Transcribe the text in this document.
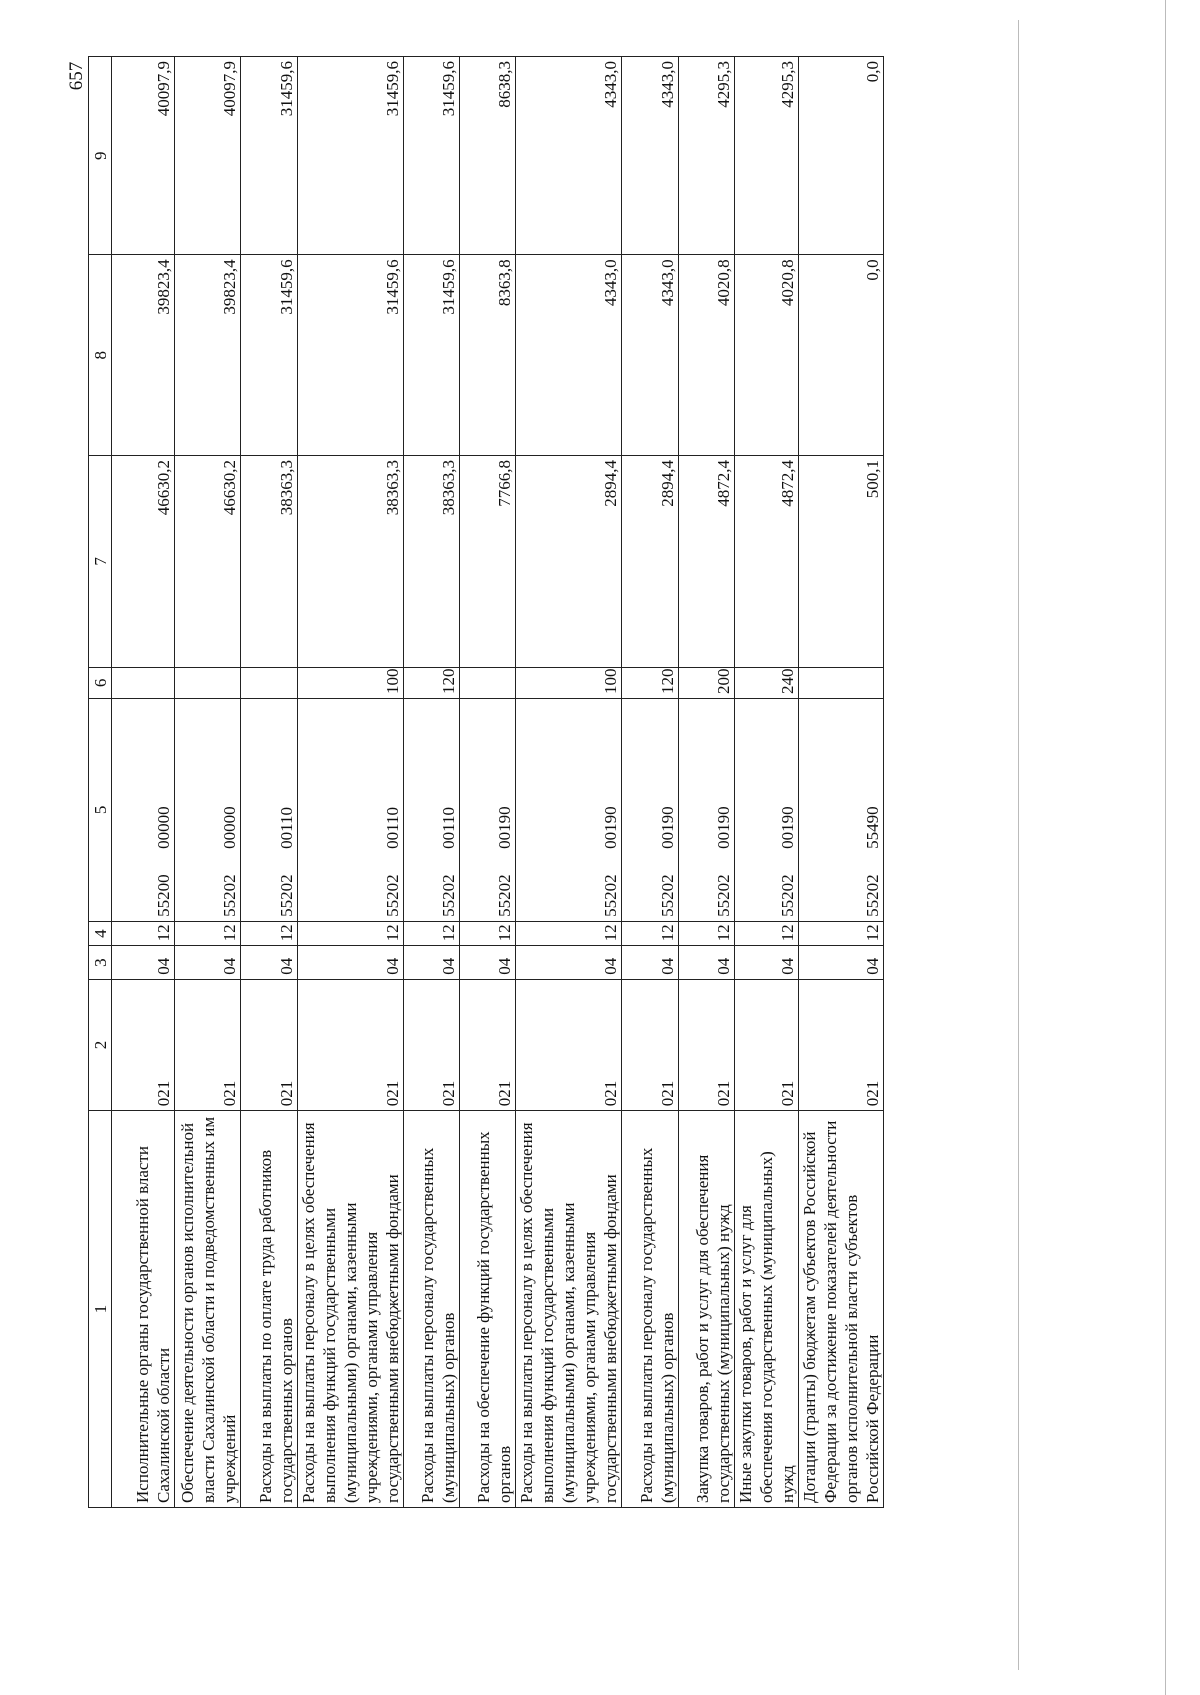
657
1	2	3	4	5	6	7	8	9
Исполнительные органы государственной власти Сахалинской области	021	04	12	55200      00000		46630,2	39823,4	40097,9
Обеспечение деятельности органов исполнительной власти Сахалинской области и подведомственных им учреждений	021	04	12	55202      00000		46630,2	39823,4	40097,9
Расходы на выплаты по оплате труда работников государственных органов	021	04	12	55202      00110		38363,3	31459,6	31459,6
Расходы на выплаты персоналу в целях обеспечения выполнения функций государственными (муниципальными) органами, казенными учреждениями, органами управления государственными внебюджетными фондами	021	04	12	55202      00110	100	38363,3	31459,6	31459,6
Расходы на выплаты персоналу государственных (муниципальных) органов	021	04	12	55202      00110	120	38363,3	31459,6	31459,6
Расходы на обеспечение функций государственных органов	021	04	12	55202      00190		7766,8	8363,8	8638,3
Расходы на выплаты персоналу в целях обеспечения выполнения функций государственными (муниципальными) органами, казенными учреждениями, органами управления государственными внебюджетными фондами	021	04	12	55202      00190	100	2894,4	4343,0	4343,0
Расходы на выплаты персоналу государственных (муниципальных) органов	021	04	12	55202      00190	120	2894,4	4343,0	4343,0
Закупка товаров, работ и услуг для обеспечения государственных (муниципальных) нужд	021	04	12	55202      00190	200	4872,4	4020,8	4295,3
Иные закупки товаров, работ и услуг для обеспечения государственных (муниципальных) нужд	021	04	12	55202      00190	240	4872,4	4020,8	4295,3
Дотации (гранты) бюджетам субъектов Российской Федерации за достижение показателей деятельности органов исполнительной власти субъектов Российской Федерации	021	04	12	55202      55490		500,1	0,0	0,0
